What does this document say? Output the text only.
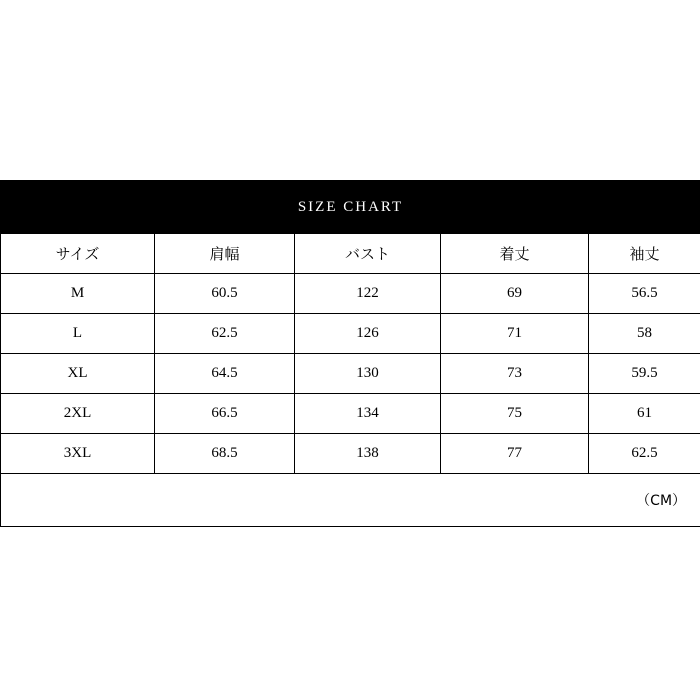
SIZE CHART				
サイズ	肩幅	バスト	着丈	袖丈
M	60.5	122	69	56.5
L	62.5	126	71	58
XL	64.5	130	73	59.5
2XL	66.5	134	75	61
3XL	68.5	138	77	62.5
（CM）				
